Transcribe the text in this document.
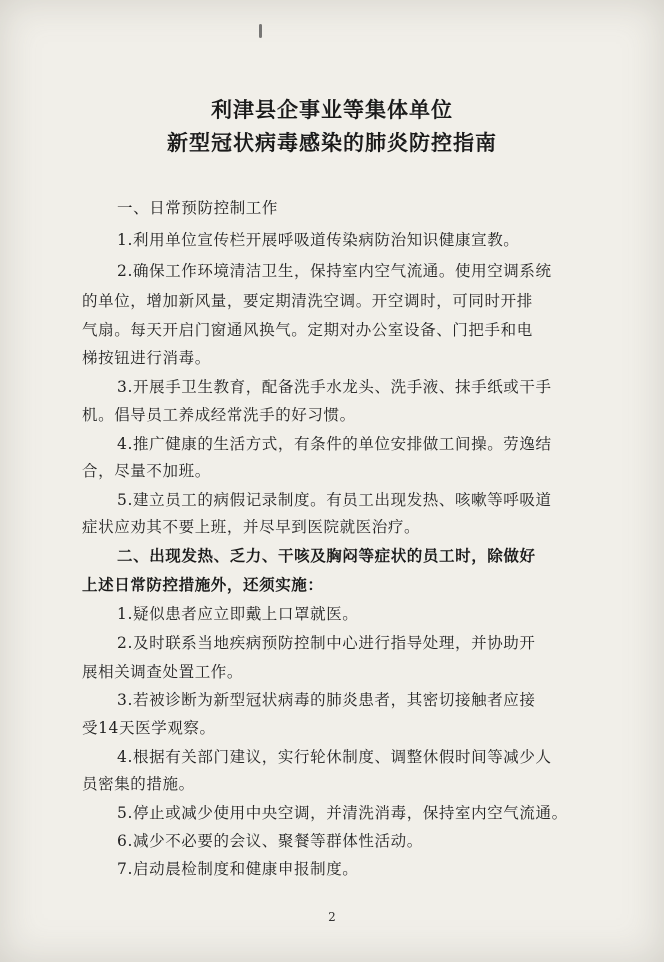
利津县企事业等集体单位
新型冠状病毒感染的肺炎防控指南
一、日常预防控制工作
1.利用单位宣传栏开展呼吸道传染病防治知识健康宣教。
2.确保工作环境清洁卫生，保持室内空气流通。使用空调系统
的单位，增加新风量，要定期清洗空调。开空调时，可同时开排
气扇。每天开启门窗通风换气。定期对办公室设备、门把手和电
梯按钮进行消毒。
3.开展手卫生教育，配备洗手水龙头、洗手液、抹手纸或干手
机。倡导员工养成经常洗手的好习惯。
4.推广健康的生活方式，有条件的单位安排做工间操。劳逸结
合，尽量不加班。
5.建立员工的病假记录制度。有员工出现发热、咳嗽等呼吸道
症状应劝其不要上班，并尽早到医院就医治疗。
二、出现发热、乏力、干咳及胸闷等症状的员工时，除做好
上述日常防控措施外，还须实施：
1.疑似患者应立即戴上口罩就医。
2.及时联系当地疾病预防控制中心进行指导处理，并协助开
展相关调查处置工作。
3.若被诊断为新型冠状病毒的肺炎患者，其密切接触者应接
受14天医学观察。
4.根据有关部门建议，实行轮休制度、调整休假时间等减少人
员密集的措施。
5.停止或减少使用中央空调，并清洗消毒，保持室内空气流通。
6.减少不必要的会议、聚餐等群体性活动。
7.启动晨检制度和健康申报制度。
2
